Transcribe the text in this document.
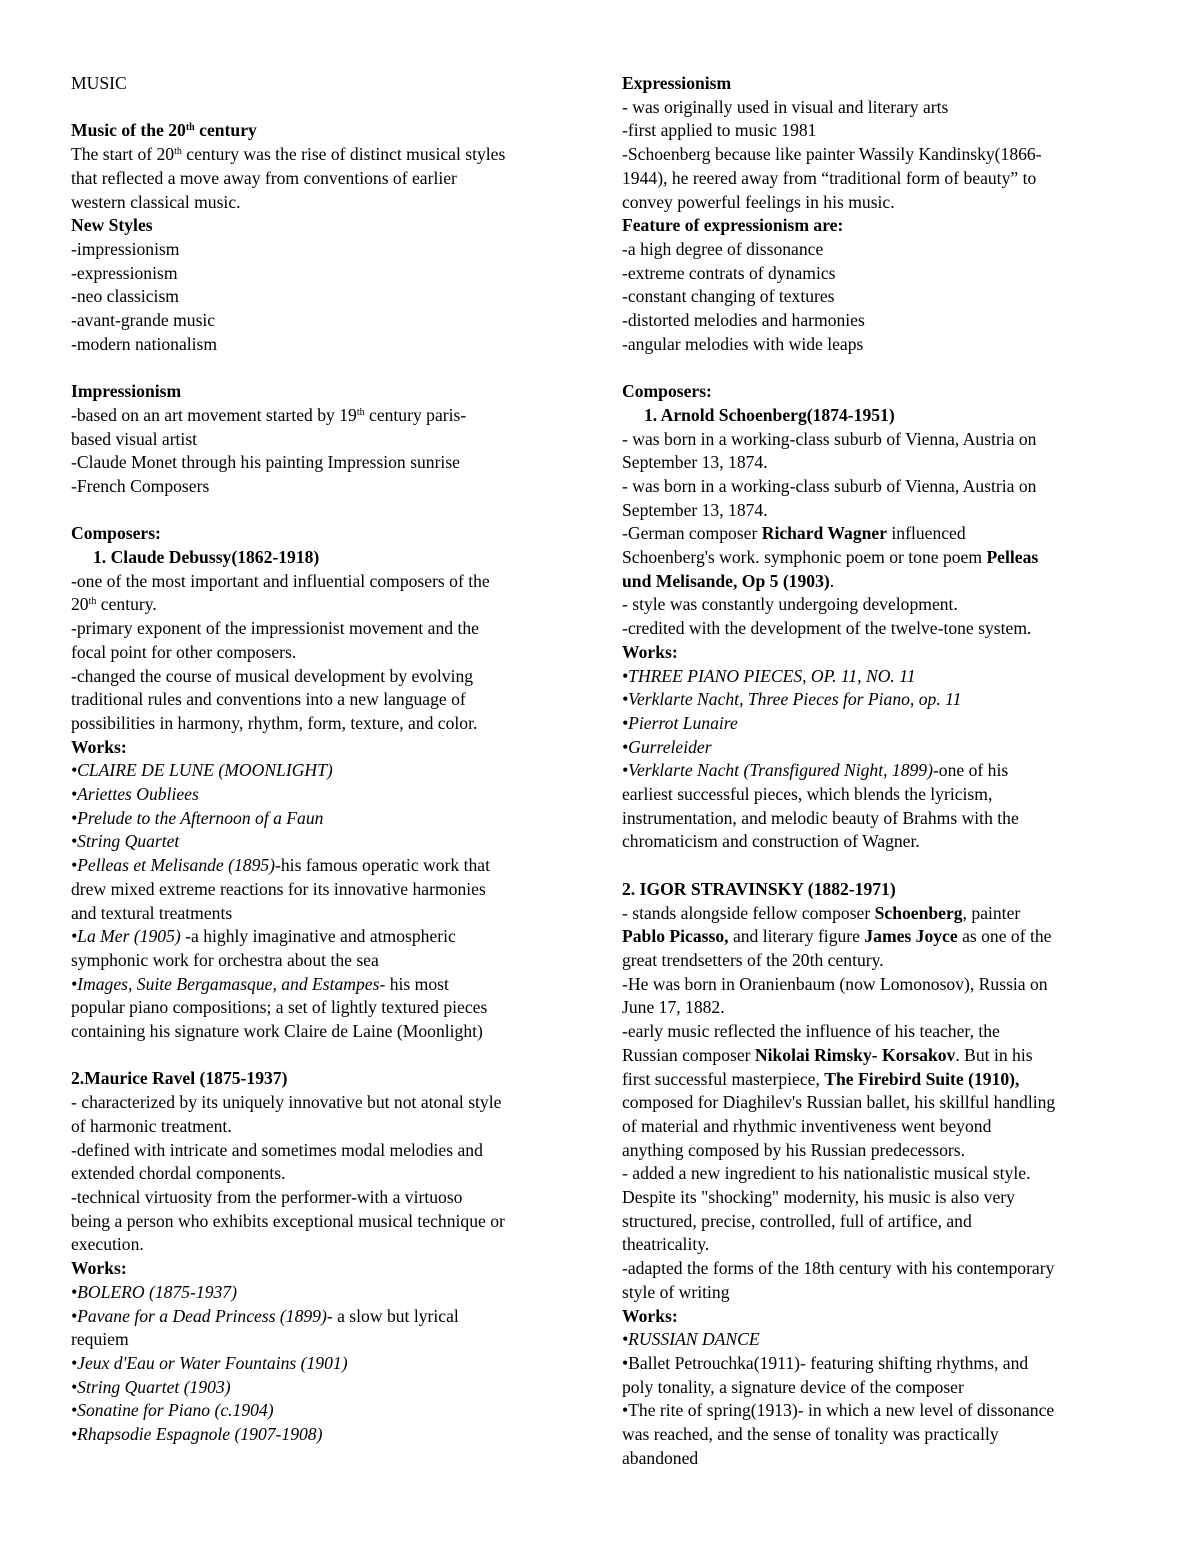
MUSIC
Music of the 20th century
The start of 20th century was the rise of distinct musical styles
that reflected a move away from conventions of earlier
western classical music.
New Styles
-impressionism
-expressionism
-neo classicism
-avant-grande music
-modern nationalism
Impressionism
-based on an art movement started by 19th century paris-
based visual artist
-Claude Monet through his painting Impression sunrise
-French Composers
Composers:
1. Claude Debussy(1862-1918)
-one of the most important and influential composers of the
20th century.
-primary exponent of the impressionist movement and the
focal point for other composers.
-changed the course of musical development by evolving
traditional rules and conventions into a new language of
possibilities in harmony, rhythm, form, texture, and color.
Works:
•CLAIRE DE LUNE (MOONLIGHT)
•Ariettes Oubliees
•Prelude to the Afternoon of a Faun
•String Quartet
•Pelleas et Melisande (1895)-his famous operatic work that
drew mixed extreme reactions for its innovative harmonies
and textural treatments
•La Mer (1905) -a highly imaginative and atmospheric
symphonic work for orchestra about the sea
•Images, Suite Bergamasque, and Estampes- his most
popular piano compositions; a set of lightly textured pieces
containing his signature work Claire de Laine (Moonlight)
2.Maurice Ravel (1875-1937)
- characterized by its uniquely innovative but not atonal style
of harmonic treatment.
-defined with intricate and sometimes modal melodies and
extended chordal components.
-technical virtuosity from the performer-with a virtuoso
being a person who exhibits exceptional musical technique or
execution.
Works:
•BOLERO (1875-1937)
•Pavane for a Dead Princess (1899)- a slow but lyrical
requiem
•Jeux d'Eau or Water Fountains (1901)
•String Quartet (1903)
•Sonatine for Piano (c.1904)
•Rhapsodie Espagnole (1907-1908)
Expressionism
- was originally used in visual and literary arts
-first applied to music 1981
-Schoenberg because like painter Wassily Kandinsky(1866-
1944), he reered away from “traditional form of beauty” to
convey powerful feelings in his music.
Feature of expressionism are:
-a high degree of dissonance
-extreme contrats of dynamics
-constant changing of textures
-distorted melodies and harmonies
-angular melodies with wide leaps
Composers:
1. Arnold Schoenberg(1874-1951)
- was born in a working-class suburb of Vienna, Austria on
September 13, 1874.
- was born in a working-class suburb of Vienna, Austria on
September 13, 1874.
-German composer Richard Wagner influenced
Schoenberg's work. symphonic poem or tone poem Pelleas
und Melisande, Op 5 (1903).
- style was constantly undergoing development.
-credited with the development of the twelve-tone system.
Works:
•THREE PIANO PIECES, OP. 11, NO. 11
•Verklarte Nacht, Three Pieces for Piano, op. 11
•Pierrot Lunaire
•Gurreleider
•Verklarte Nacht (Transfigured Night, 1899)-one of his
earliest successful pieces, which blends the lyricism,
instrumentation, and melodic beauty of Brahms with the
chromaticism and construction of Wagner.
2. IGOR STRAVINSKY (1882-1971)
- stands alongside fellow composer Schoenberg, painter
Pablo Picasso, and literary figure James Joyce as one of the
great trendsetters of the 20th century.
-He was born in Oranienbaum (now Lomonosov), Russia on
June 17, 1882.
-early music reflected the influence of his teacher, the
Russian composer Nikolai Rimsky- Korsakov. But in his
first successful masterpiece, The Firebird Suite (1910),
composed for Diaghilev's Russian ballet, his skillful handling
of material and rhythmic inventiveness went beyond
anything composed by his Russian predecessors.
- added a new ingredient to his nationalistic musical style.
Despite its "shocking" modernity, his music is also very
structured, precise, controlled, full of artifice, and
theatricality.
-adapted the forms of the 18th century with his contemporary
style of writing
Works:
•RUSSIAN DANCE
•Ballet Petrouchka(1911)- featuring shifting rhythms, and
poly tonality, a signature device of the composer
•The rite of spring(1913)- in which a new level of dissonance
was reached, and the sense of tonality was practically
abandoned
